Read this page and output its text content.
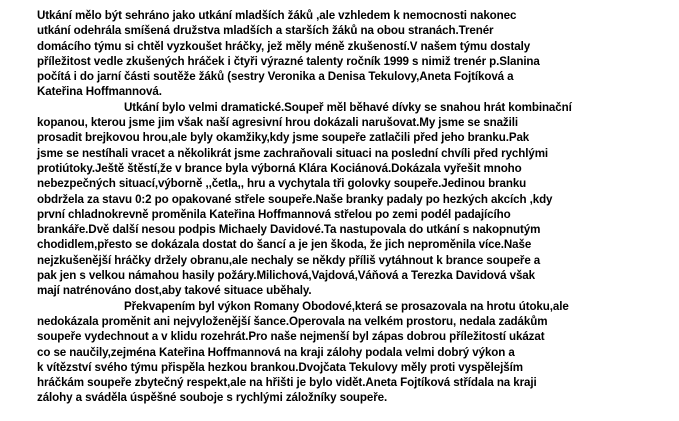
Utkání mělo být sehráno jako utkání mladších žáků ,ale vzhledem k nemocnosti nakonec
utkání odehrála smíšená družstva mladších a starších žáků na obou stranách.Trenér
domácího týmu si chtěl vyzkoušet hráčky, jež měly méně zkušeností.V našem týmu dostaly
příležitost vedle zkušených hráček i čtyři výrazné talenty ročník 1999 s nimiž trenér p.Slanina
počítá i do jarní části soutěže žáků (sestry Veronika a Denisa Tekulovy,Aneta Fojtíková a
Kateřina Hoffmannová.
Utkání bylo velmi dramatické.Soupeř měl běhavé dívky se snahou hrát kombinační
kopanou, kterou jsme jim však naší agresivní hrou dokázali narušovat.My jsme se snažili
prosadit brejkovou hrou,ale byly okamžiky,kdy jsme soupeře zatlačili před jeho branku.Pak
jsme se nestíhali vracet a několikrát jsme zachraňovali situaci na poslední chvíli před rychlými
protiútoky.Ještě štěstí,že v brance byla výborná Klára Kociánová.Dokázala vyřešit mnoho
nebezpečných situací,výborně ,,četla,, hru a vychytala tři golovky soupeře.Jedinou branku
obdržela za stavu 0:2 po opakované střele soupeře.Naše branky padaly po hezkých akcích ,kdy
první chladnokrevně proměnila Kateřina Hoffmannová střelou po zemi podél padajícího
brankáře.Dvě další nesou podpis Michaely Davidové.Ta nastupovala do utkání s nakopnutým
chodidlem,přesto se dokázala dostat do šancí a je jen škoda, že jich neproměnila více.Naše
nejzkušenější hráčky držely obranu,ale nechaly se někdy příliš vytáhnout k brance soupeře a
pak jen s velkou námahou hasily požáry.Milichová,Vajdová,Váňová a Terezka Davidová však
mají natrénováno dost,aby takové situace uběhaly.
Překvapením byl výkon Romany Obodové,která se prosazovala na hrotu útoku,ale
nedokázala proměnit ani nejvyloženější šance.Operovala na velkém prostoru, nedala zadákům
soupeře vydechnout a v klidu rozehrát.Pro naše nejmenší byl zápas dobrou příležitostí ukázat
co se naučily,zejména Kateřina Hoffmannová na kraji zálohy podala velmi dobrý výkon a
k vítězství svého týmu přispěla hezkou brankou.Dvojčata Tekulovy měly proti vyspělejším
hráčkám soupeře zbytečný respekt,ale na hřišti je bylo vidět.Aneta Fojtíková střídala na kraji
zálohy a sváděla úspěšné souboje s rychlými záložníky soupeře.
